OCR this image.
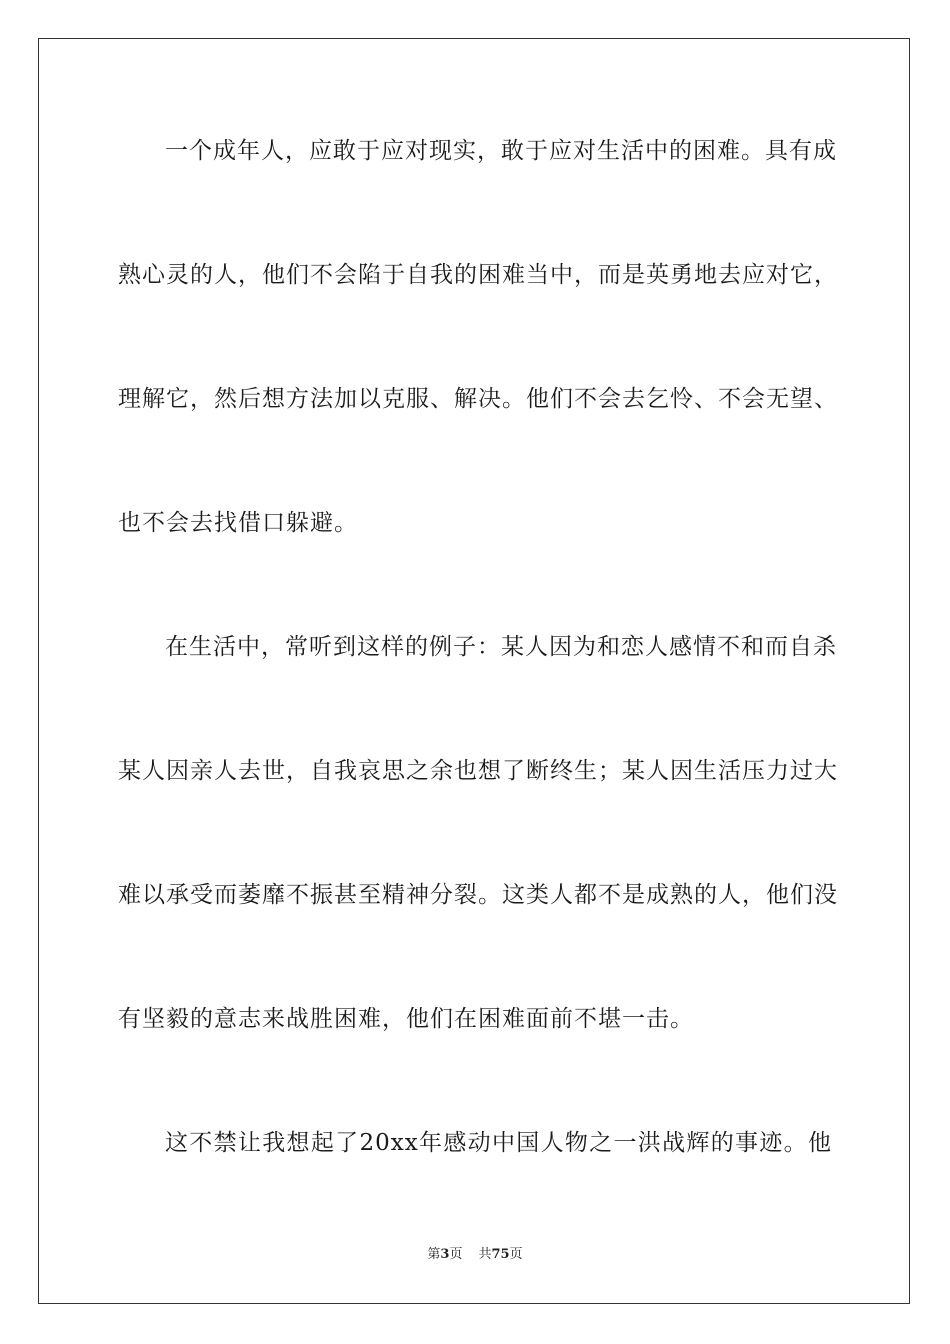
一个成年人，应敢于应对现实，敢于应对生活中的困难。具有成
熟心灵的人，他们不会陷于自我的困难当中，而是英勇地去应对它，
理解它，然后想方法加以克服、解决。他们不会去乞怜、不会无望、
也不会去找借口躲避。
在生活中，常听到这样的例子：某人因为和恋人感情不和而自杀
某人因亲人去世，自我哀思之余也想了断终生；某人因生活压力过大
难以承受而萎靡不振甚至精神分裂。这类人都不是成熟的人，他们没
有坚毅的意志来战胜困难，他们在困难面前不堪一击。
这不禁让我想起了20xx年感动中国人物之一洪战辉的事迹。他
第3页 共75页
